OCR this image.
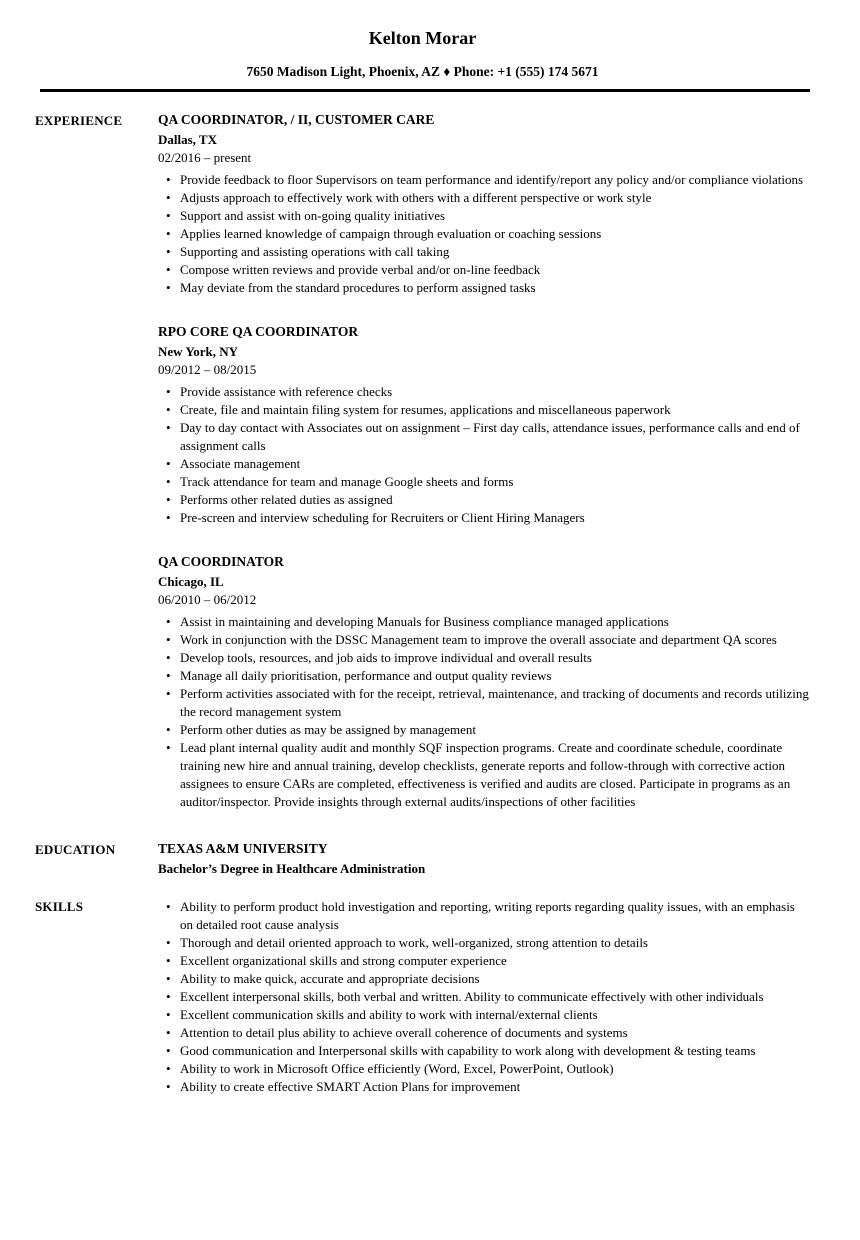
Kelton Morar
7650 Madison Light, Phoenix, AZ ♦ Phone: +1 (555) 174 5671
EXPERIENCE	QA COORDINATOR, / II, CUSTOMER CARE
Dallas, TX
02/2016 – present
• Provide feedback to floor Supervisors on team performance and identify/report any policy and/or compliance violations
• Adjusts approach to effectively work with others with a different perspective or work style
• Support and assist with on-going quality initiatives
• Applies learned knowledge of campaign through evaluation or coaching sessions
• Supporting and assisting operations with call taking
• Compose written reviews and provide verbal and/or on-line feedback
• May deviate from the standard procedures to perform assigned tasks
RPO CORE QA COORDINATOR
New York, NY
09/2012 – 08/2015
• Provide assistance with reference checks
• Create, file and maintain filing system for resumes, applications and miscellaneous paperwork
• Day to day contact with Associates out on assignment – First day calls, attendance issues, performance calls and end of assignment calls
• Associate management
• Track attendance for team and manage Google sheets and forms
• Performs other related duties as assigned
• Pre-screen and interview scheduling for Recruiters or Client Hiring Managers
QA COORDINATOR
Chicago, IL
06/2010 – 06/2012
• Assist in maintaining and developing Manuals for Business compliance managed applications
• Work in conjunction with the DSSC Management team to improve the overall associate and department QA scores
• Develop tools, resources, and job aids to improve individual and overall results
• Manage all daily prioritisation, performance and output quality reviews
• Perform activities associated with for the receipt, retrieval, maintenance, and tracking of documents and records utilizing the record management system
• Perform other duties as may be assigned by management
• Lead plant internal quality audit and monthly SQF inspection programs. Create and coordinate schedule, coordinate training new hire and annual training, develop checklists, generate reports and follow-through with corrective action assignees to ensure CARs are completed, effectiveness is verified and audits are closed. Participate in programs as an auditor/inspector. Provide insights through external audits/inspections of other facilities
EDUCATION	TEXAS A&M UNIVERSITY
Bachelor’s Degree in Healthcare Administration
SKILLS	• Ability to perform product hold investigation and reporting, writing reports regarding quality issues, with an emphasis on detailed root cause analysis
• Thorough and detail oriented approach to work, well-organized, strong attention to details
• Excellent organizational skills and strong computer experience
• Ability to make quick, accurate and appropriate decisions
• Excellent interpersonal skills, both verbal and written. Ability to communicate effectively with other individuals
• Excellent communication skills and ability to work with internal/external clients
• Attention to detail plus ability to achieve overall coherence of documents and systems
• Good communication and Interpersonal skills with capability to work along with development & testing teams
• Ability to work in Microsoft Office efficiently (Word, Excel, PowerPoint, Outlook)
• Ability to create effective SMART Action Plans for improvement
